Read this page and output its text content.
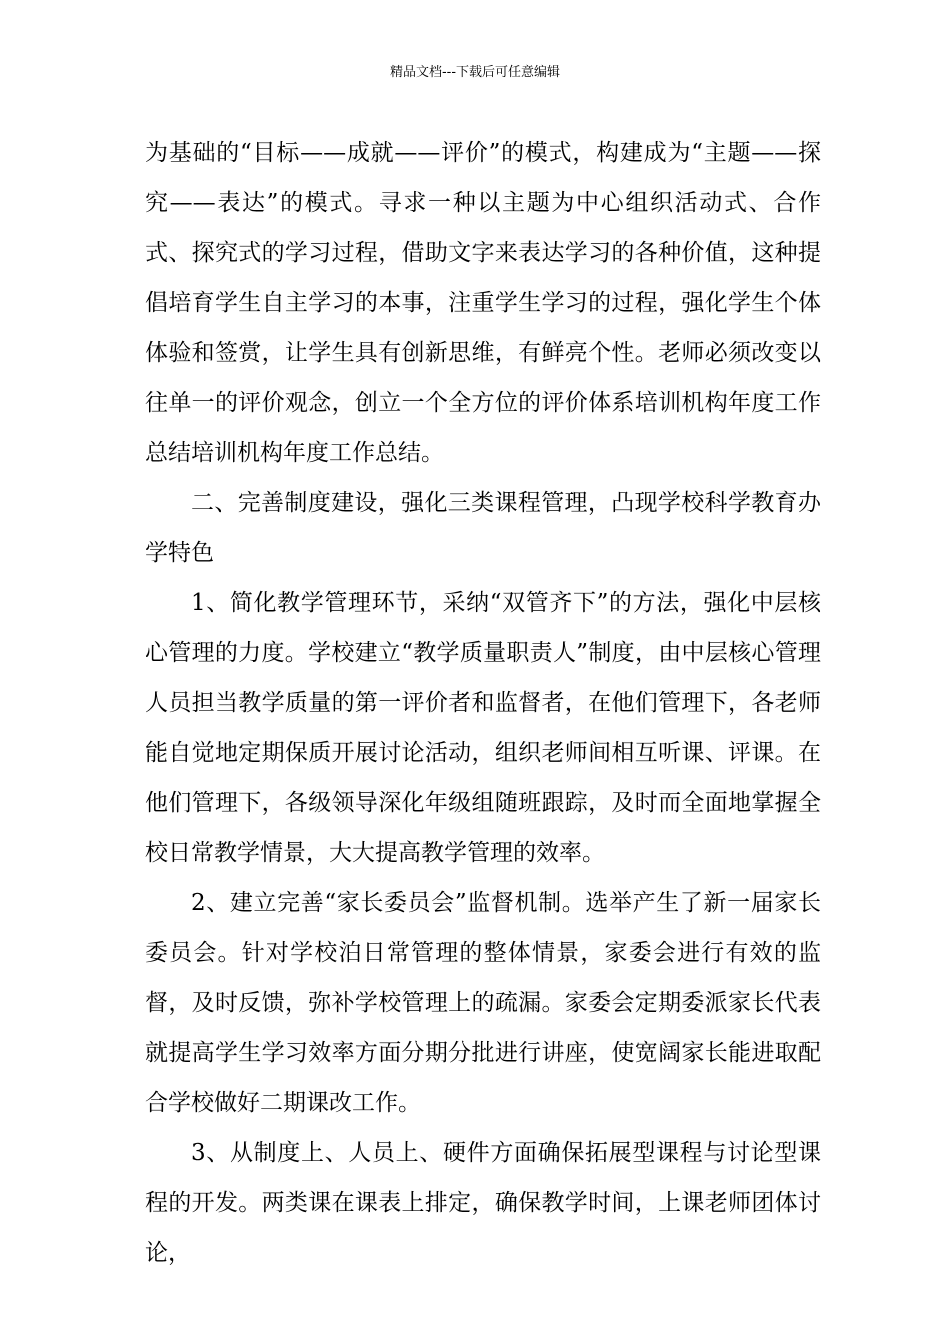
精品文档---下载后可任意编辑

为基础的“目标——成就——评价”的模式，构建成为“主题——探究——表达”的模式。寻求一种以主题为中心组织活动式、合作式、探究式的学习过程，借助文字来表达学习的各种价值，这种提倡培育学生自主学习的本事，注重学生学习的过程，强化学生个体体验和签赏，让学生具有创新思维，有鲜亮个性。老师必须改变以往单一的评价观念，创立一个全方位的评价体系培训机构年度工作总结培训机构年度工作总结。

二、完善制度建设，强化三类课程管理，凸现学校科学教育办学特色

1、简化教学管理环节，采纳“双管齐下”的方法，强化中层核心管理的力度。学校建立“教学质量职责人”制度，由中层核心管理人员担当教学质量的第一评价者和监督者，在他们管理下，各老师能自觉地定期保质开展讨论活动，组织老师间相互听课、评课。在他们管理下，各级领导深化年级组随班跟踪，及时而全面地掌握全校日常教学情景，大大提高教学管理的效率。

2、建立完善“家长委员会”监督机制。选举产生了新一届家长委员会。针对学校泊日常管理的整体情景，家委会进行有效的监督，及时反馈，弥补学校管理上的疏漏。家委会定期委派家长代表就提高学生学习效率方面分期分批进行讲座，使宽阔家长能进取配合学校做好二期课改工作。

3、从制度上、人员上、硬件方面确保拓展型课程与讨论型课程的开发。两类课在课表上排定，确保教学时间，上课老师团体讨论，
